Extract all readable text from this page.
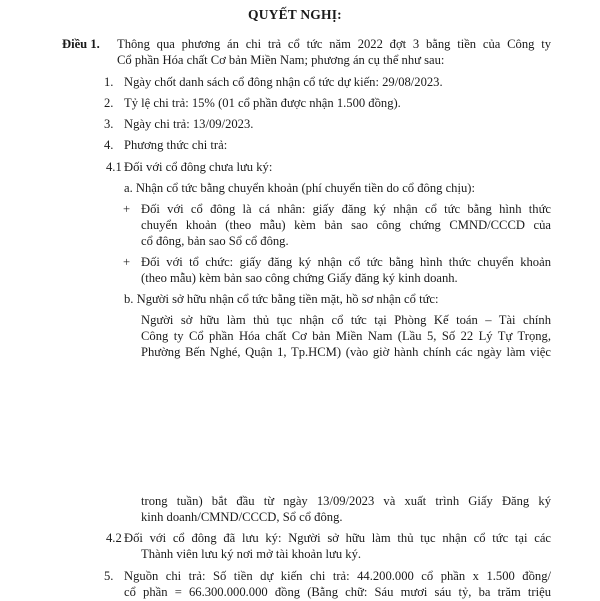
QUYẾT NGHỊ:
Điều 1. Thông qua phương án chi trả cổ tức năm 2022 đợt 3 bằng tiền của Công ty
Cổ phần Hóa chất Cơ bản Miền Nam; phương án cụ thể như sau:
1. Ngày chốt danh sách cổ đông nhận cổ tức dự kiến: 29/08/2023.
2. Tỷ lệ chi trả: 15% (01 cổ phần được nhận 1.500 đồng).
3. Ngày chi trả: 13/09/2023.
4. Phương thức chi trả:
4.1 Đối với cổ đông chưa lưu ký:
a. Nhận cổ tức bằng chuyển khoản (phí chuyển tiền do cổ đông chịu):
+ Đối với cổ đông là cá nhân: giấy đăng ký nhận cổ tức bằng hình thức
chuyển khoản (theo mẫu) kèm bản sao công chứng CMND/CCCD của
cổ đông, bản sao Sổ cổ đông.
+ Đối với tổ chức: giấy đăng ký nhận cổ tức bằng hình thức chuyển khoản
(theo mẫu) kèm bản sao công chứng Giấy đăng ký kinh doanh.
b. Người sở hữu nhận cổ tức bằng tiền mặt, hồ sơ nhận cổ tức:
Người sở hữu làm thủ tục nhận cổ tức tại Phòng Kế toán – Tài chính
Công ty Cổ phần Hóa chất Cơ bản Miền Nam (Lầu 5, Số 22 Lý Tự Trọng,
Phường Bến Nghé, Quận 1, Tp.HCM) (vào giờ hành chính các ngày làm việc
trong tuần) bắt đầu từ ngày 13/09/2023 và xuất trình Giấy Đăng ký
kinh doanh/CMND/CCCD, Sổ cổ đông.
4.2 Đối với cổ đông đã lưu ký: Người sở hữu làm thủ tục nhận cổ tức tại các
Thành viên lưu ký nơi mở tài khoản lưu ký.
5. Nguồn chi trả: Số tiền dự kiến chi trả: 44.200.000 cổ phần x 1.500 đồng/
cổ phần = 66.300.000.000 đồng (Bằng chữ: Sáu mươi sáu tỷ, ba trăm triệu
